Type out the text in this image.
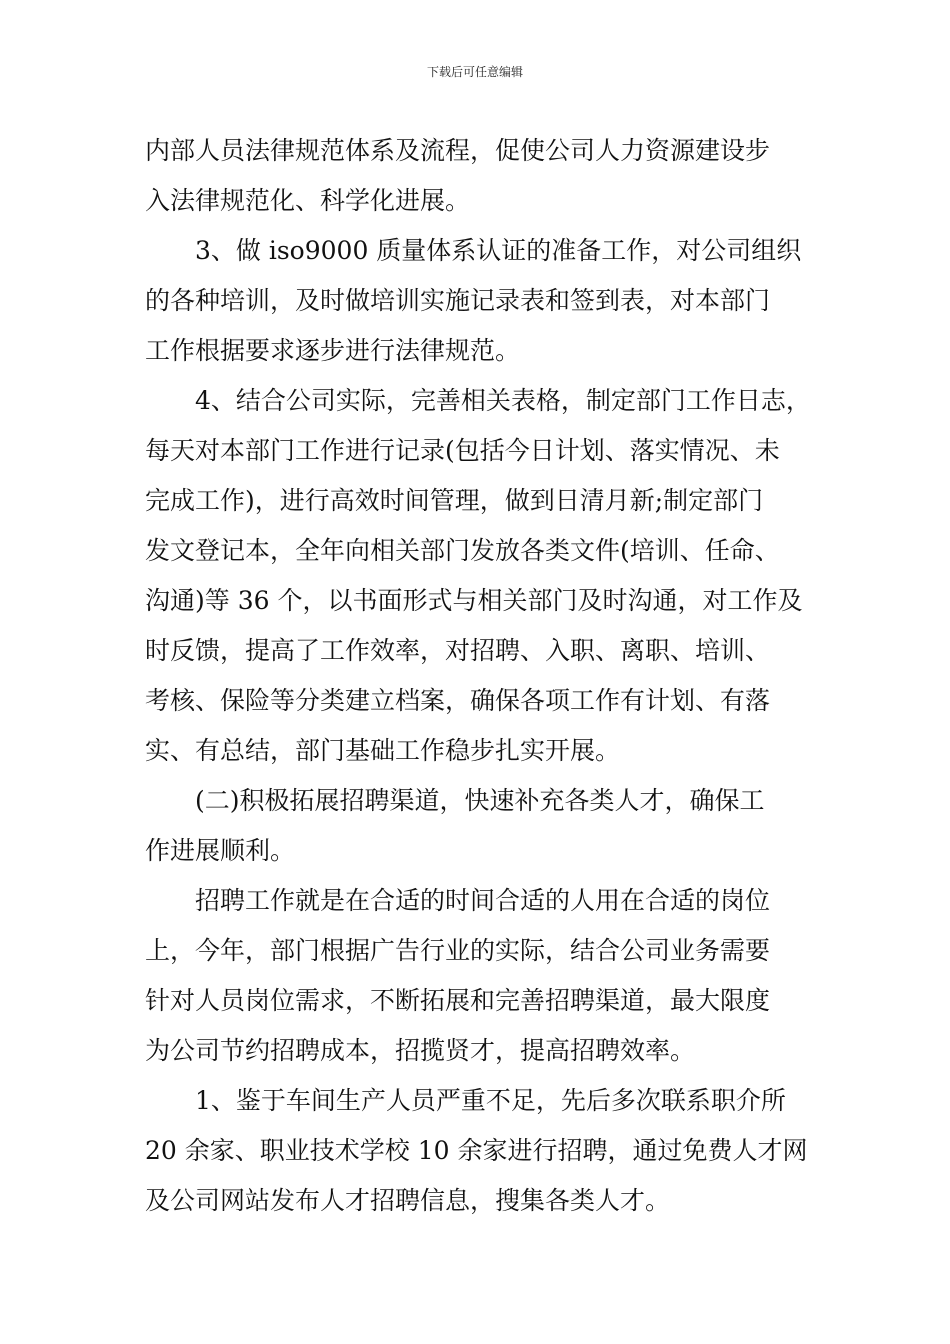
下载后可任意编辑
内部人员法律规范体系及流程，促使公司人力资源建设步
入法律规范化、科学化进展。
3、做 iso9000 质量体系认证的准备工作，对公司组织
的各种培训，及时做培训实施记录表和签到表，对本部门
工作根据要求逐步进行法律规范。
4、结合公司实际，完善相关表格，制定部门工作日志，
每天对本部门工作进行记录(包括今日计划、落实情况、未
完成工作)，进行高效时间管理，做到日清月新;制定部门
发文登记本，全年向相关部门发放各类文件(培训、任命、
沟通)等 36 个，以书面形式与相关部门及时沟通，对工作及
时反馈，提高了工作效率，对招聘、入职、离职、培训、
考核、保险等分类建立档案，确保各项工作有计划、有落
实、有总结，部门基础工作稳步扎实开展。
(二)积极拓展招聘渠道，快速补充各类人才，确保工
作进展顺利。
招聘工作就是在合适的时间合适的人用在合适的岗位
上，今年，部门根据广告行业的实际，结合公司业务需要
针对人员岗位需求，不断拓展和完善招聘渠道，最大限度
为公司节约招聘成本，招揽贤才，提高招聘效率。
1、鉴于车间生产人员严重不足，先后多次联系职介所
20 余家、职业技术学校 10 余家进行招聘，通过免费人才网
及公司网站发布人才招聘信息，搜集各类人才。
